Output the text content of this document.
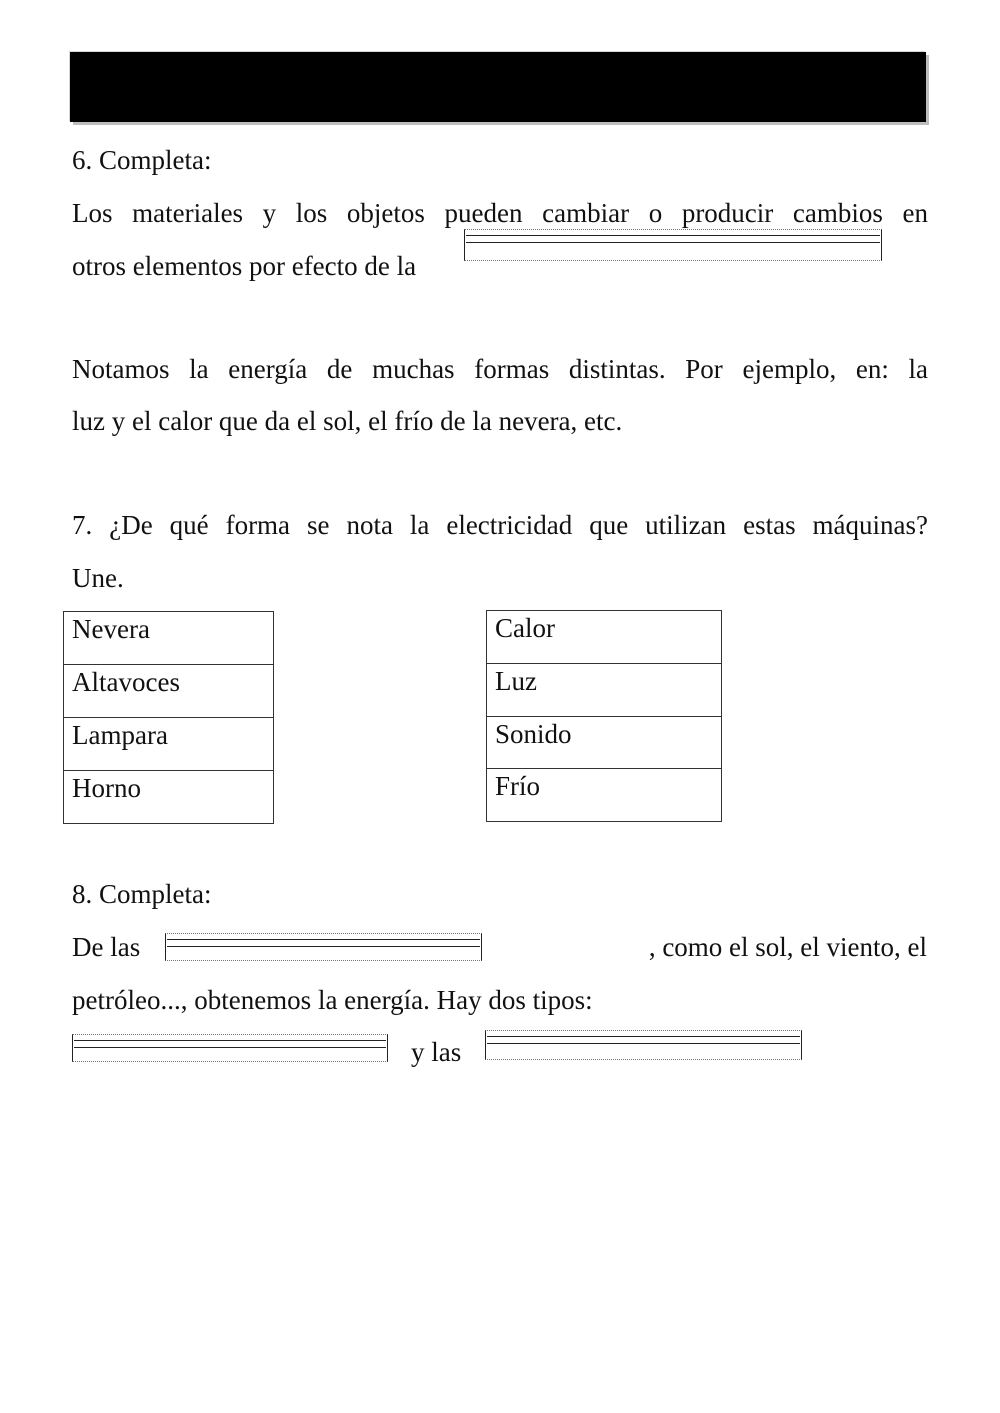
6. Completa:
Los materiales y los objetos pueden cambiar o producir cambios en
otros elementos por efecto de la
Notamos la energía de muchas formas distintas. Por ejemplo, en: la
luz y el calor que da el sol, el frío de la nevera, etc.
7. ¿De qué forma se nota la electricidad que utilizan estas máquinas?
Une.
Nevera
Altavoces
Lampara
Horno
Calor
Luz
Sonido
Frío
8. Completa:
De las	, como el sol, el viento, el
petróleo..., obtenemos la energía. Hay dos tipos:
y las
